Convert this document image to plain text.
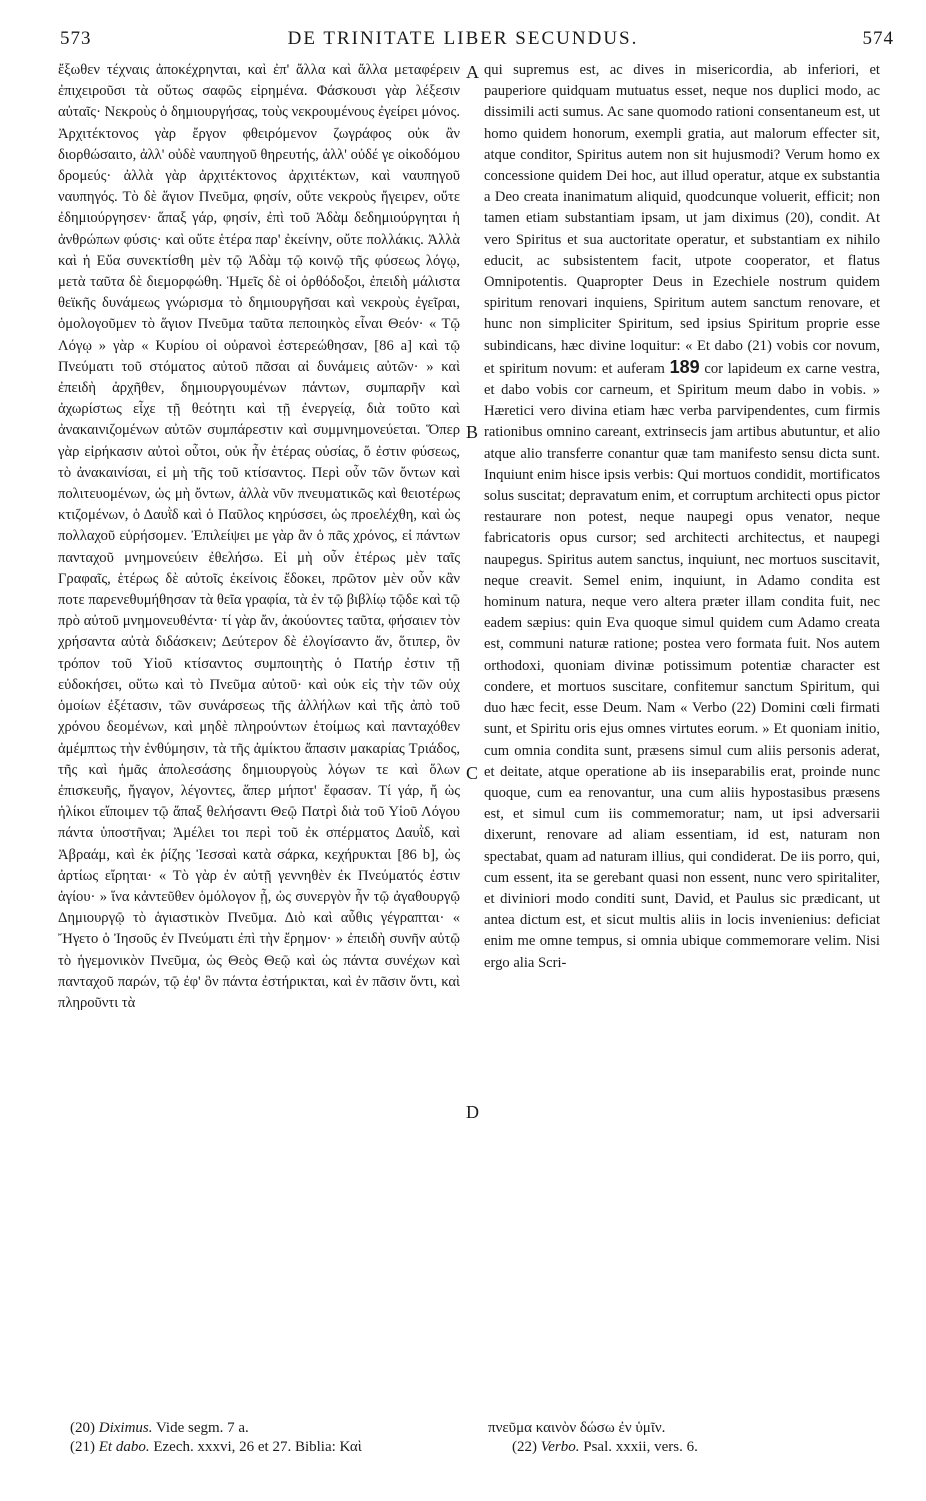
573	DE TRINITATE LIBER SECUNDUS.	574

ἔξωθεν τέχναις ἀποκέχρηνται, καὶ ἐπ' ἄλλα καὶ ἄλλα μεταφέρειν ἐπιχειροῦσι τὰ οὕτως σαφῶς εἰρημένα. Φάσκουσι γὰρ λέξεσιν αὐταῖς· Νεκροὺς ὁ δημιουργήσας, τοὺς νεκρουμένους ἐγείρει μόνος. Ἀρχιτέκτονος γὰρ ἔργον φθειρόμενον ζωγράφος οὐκ ἂν διορθώσαιτο, ἀλλ' οὐδὲ ναυπηγοῦ θηρευτής, ἀλλ' οὐδέ γε οἰκοδόμου δρομεύς· ἀλλὰ γὰρ ἀρχιτέκτονος ἀρχιτέκτων, καὶ ναυπηγοῦ ναυπηγός. Τὸ δὲ ἅγιον Πνεῦμα, φησίν, οὔτε νεκροὺς ἤγειρεν, οὔτε ἐδημιούργησεν· ἅπαξ γάρ, φησίν, ἐπὶ τοῦ Ἀδὰμ δεδημιούργηται ἡ ἀνθρώπων φύσις· καὶ οὔτε ἑτέρα παρ' ἐκείνην, οὔτε πολλάκις. Ἀλλὰ καὶ ἡ Εὔα συνεκτίσθη μὲν τῷ Ἀδὰμ τῷ κοινῷ τῆς φύσεως λόγῳ, μετὰ ταῦτα δὲ διεμορφώθη. Ἡμεῖς δὲ οἱ ὀρθόδοξοι, ἐπειδὴ μάλιστα θεϊκῆς δυνάμεως γνώρισμα τὸ δημιουργῆσαι καὶ νεκροὺς ἐγεῖραι, ὁμολογοῦμεν τὸ ἅγιον Πνεῦμα ταῦτα πεποιηκὸς εἶναι Θεόν· « Τῷ Λόγῳ » γὰρ « Κυρίου οἱ οὐρανοὶ ἐστερεώθησαν, [86 a] καὶ τῷ Πνεύματι τοῦ στόματος αὐτοῦ πᾶσαι αἱ δυνάμεις αὐτῶν· » καὶ ἐπειδὴ ἀρχῆθεν, δημιουργουμένων πάντων, συμπαρῆν καὶ ἀχωρίστως εἶχε τῇ θεότητι καὶ τῇ ἐνεργείᾳ, διὰ τοῦτο καὶ ἀνακαινιζομένων αὐτῶν συμπάρεστιν καὶ συμμνημονεύεται. Ὅπερ γὰρ εἰρήκασιν αὐτοὶ οὗτοι, οὐκ ἦν ἑτέρας οὐσίας, ὅ ἐστιν φύσεως, τὸ ἀνακαινίσαι, εἰ μὴ τῆς τοῦ κτίσαντος. Περὶ οὖν τῶν ὄντων καὶ πολιτευομένων, ὡς μὴ ὄντων, ἀλλὰ νῦν πνευματικῶς καὶ θειοτέρως κτιζομένων, ὁ Δαυῒδ καὶ ὁ Παῦλος κηρύσσει, ὡς προελέχθη, καὶ ὡς πολλαχοῦ εὑρήσομεν. Ἐπιλείψει με γὰρ ἂν ὁ πᾶς χρόνος, εἰ πάντων πανταχοῦ μνημονεύειν ἐθελήσω. Εἰ μὴ οὖν ἑτέρως μὲν ταῖς Γραφαῖς, ἑτέρως δὲ αὐτοῖς ἐκείνοις ἔδοκει, πρῶτον μὲν οὖν κἂν ποτε παρενεθυμήθησαν τὰ θεῖα γραφία, τὰ ἐν τῷ βιβλίῳ τῷδε καὶ τῷ πρὸ αὐτοῦ μνημονευθέντα· τί γὰρ ἄν, ἀκούοντες ταῦτα, φήσαιεν τὸν χρήσαντα αὐτὰ διδάσκειν; Δεύτερον δὲ ἐλογίσαντο ἄν, ὅτιπερ, ὃν τρόπον τοῦ Υἱοῦ κτίσαντος συμποιητὴς ὁ Πατήρ ἐστιν τῇ εὐδοκήσει, οὕτω καὶ τὸ Πνεῦμα αὐτοῦ· καὶ οὐκ εἰς τὴν τῶν οὐχ ὁμοίων ἐξέτασιν, τῶν συνάρσεως τῆς ἀλλήλων καὶ τῆς ἀπὸ τοῦ χρόνου δεομένων, καὶ μηδὲ πληρούντων ἑτοίμως καὶ πανταχόθεν ἀμέμπτως τὴν ἐνθύμησιν, τὰ τῆς ἀμίκτου ἅπασιν μακαρίας Τριάδος, τῆς καὶ ἡμᾶς ἀπολεσάσης δημιουργοὺς λόγων τε καὶ ὅλων ἐπισκευῆς, ἤγαγον, λέγοντες, ἅπερ μήποτ' ἔφασαν. Τί γάρ, ἤ ὡς ἡλίκοι εἴποιμεν τῷ ἅπαξ θελήσαντι Θεῷ Πατρὶ διὰ τοῦ Υἱοῦ Λόγου πάντα ὑποστῆναι; Ἀμέλει τοι περὶ τοῦ ἐκ σπέρματος Δαυῒδ, καὶ Ἀβραάμ, καὶ ἐκ ῥίζης Ἰεσσαὶ κατὰ σάρκα, κεχήρυκται [86 b], ὡς ἀρτίως εἴρηται· « Τὸ γὰρ ἐν αὐτῇ γεννηθὲν ἐκ Πνεύματός ἐστιν ἁγίου· » ἵνα κἀντεῦθεν ὁμόλογον ᾖ, ὡς συνεργὸν ἦν τῷ ἀγαθουργῷ Δημιουργῷ τὸ ἁγιαστικὸν Πνεῦμα. Διὸ καὶ αὖθις γέγραπται· « Ἤγετο ὁ Ἰησοῦς ἐν Πνεύματι ἐπὶ τὴν ἔρημον· » ἐπειδὴ συνῆν αὐτῷ τὸ ἡγεμονικὸν Πνεῦμα, ὡς Θεὸς Θεῷ καὶ ὡς πάντα συνέχων καὶ πανταχοῦ παρών, τῷ ἐφ' ὃν πάντα ἐστήρικται, καὶ ἐν πᾶσιν ὄντι, καὶ πληροῦντι τὰ

qui supremus est, ac dives in misericordia, ab inferiori, et pauperiore quidquam mutuatus esset, neque nos duplici modo, ac dissimili acti sumus. Ac sane quomodo rationi consentaneum est, ut homo quidem honorum, exempli gratia, aut malorum effecter sit, atque conditor, Spiritus autem non sit hujusmodi? Verum homo ex concessione quidem Dei hoc, aut illud operatur, atque ex substantia a Deo creata inanimatum aliquid, quodcunque voluerit, efficit; non tamen etiam substantiam ipsam, ut jam diximus (20), condit. At vero Spiritus et sua auctoritate operatur, et substantiam ex nihilo educit, ac subsistentem facit, utpote cooperator, et flatus Omnipotentis. Quapropter Deus in Ezechiele nostrum quidem spiritum renovari inquiens, Spiritum autem sanctum renovare, et hunc non simpliciter Spiritum, sed ipsius Spiritum proprie esse subindicans, hæc divine loquitur: « Et dabo (21) vobis cor novum, et spiritum novum: et auferam 189 cor lapideum ex carne vestra, et dabo vobis cor carneum, et Spiritum meum dabo in vobis. » Hæretici vero divina etiam hæc verba parvipendentes, cum firmis rationibus omnino careant, extrinsecis jam artibus abutuntur, et alio atque alio transferre conantur quæ tam manifesto sensu dicta sunt. Inquiunt enim hisce ipsis verbis: Qui mortuos condidit, mortificatos solus suscitat; depravatum enim, et corruptum architecti opus pictor restaurare non potest, neque naupegi opus venator, neque fabricatoris opus cursor; sed architecti architectus, et naupegi naupegus. Spiritus autem sanctus, inquiunt, nec mortuos suscitavit, neque creavit. Semel enim, inquiunt, in Adamo condita est hominum natura, neque vero altera præter illam condita fuit, nec eadem sæpius: quin Eva quoque simul quidem cum Adamo creata est, communi naturæ ratione; postea vero formata fuit. Nos autem orthodoxi, quoniam divinæ potissimum potentiæ character est condere, et mortuos suscitare, confitemur sanctum Spiritum, qui duo hæc fecit, esse Deum. Nam « Verbo (22) Domini cœli firmati sunt, et Spiritu oris ejus omnes virtutes eorum. » Et quoniam initio, cum omnia condita sunt, præsens simul cum aliis personis aderat, et deitate, atque operatione ab iis inseparabilis erat, proinde nunc quoque, cum ea renovantur, una cum aliis hypostasibus præsens est, et simul cum iis commemoratur; nam, ut ipsi adversarii dixerunt, renovare ad aliam essentiam, id est, naturam non spectabat, quam ad naturam illius, qui condiderat. De iis porro, qui, cum essent, ita se gerebant quasi non essent, nunc vero spiritaliter, et diviniori modo conditi sunt, David, et Paulus sic prædicant, ut antea dictum est, et sicut multis aliis in locis invenienius: deficiat enim me omne tempus, si omnia ubique commemorare velim. Nisi ergo alia Scri-

A
B
C
D
(20) Diximus. Vide segm. 7 a.
(21) Et dabo. Ezech. xxxvi, 26 et 27. Biblia: Καὶ
πνεῦμα καινὸν δώσω ἐν ὑμῖν.
(22) Verbo. Psal. xxxii, vers. 6.
